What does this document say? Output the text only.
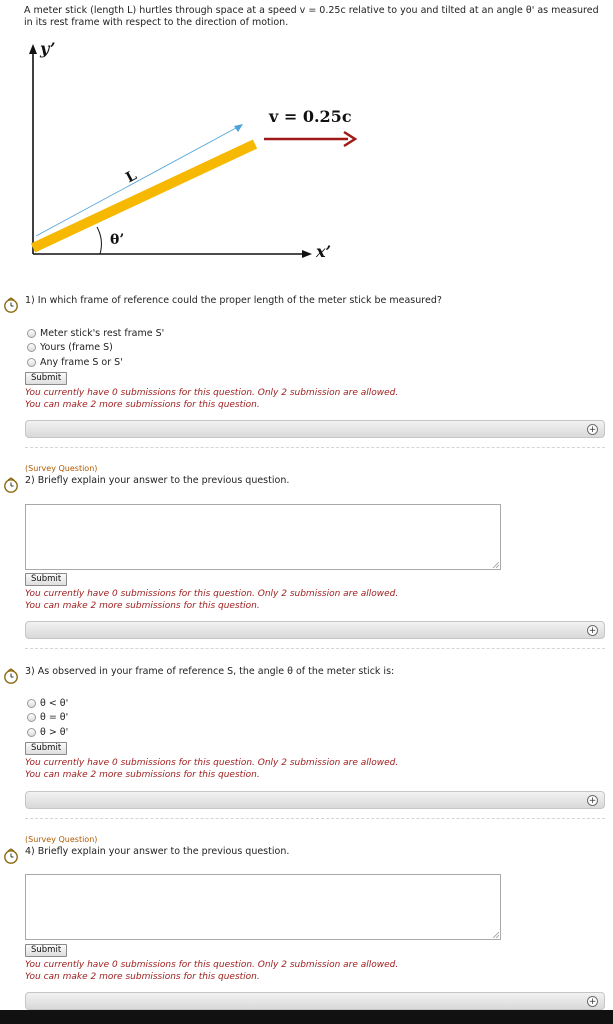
A meter stick (length L) hurtles through space at a speed v = 0.25c relative to you and tilted at an angle θ' as measured
in its rest frame with respect to the direction of motion.
y’
x’
L
θ’
v = 0.25c
1) In which frame of reference could the proper length of the meter stick be measured?
Meter stick's rest frame S'
Yours (frame S)
Any frame S or S'
Submit
You currently have 0 submissions for this question. Only 2 submission are allowed.
You can make 2 more submissions for this question.
+
(Survey Question)
2) Briefly explain your answer to the previous question.
Submit
You currently have 0 submissions for this question. Only 2 submission are allowed.
You can make 2 more submissions for this question.
+
3) As observed in your frame of reference S, the angle θ of the meter stick is:
θ < θ'
θ = θ'
θ > θ'
Submit
You currently have 0 submissions for this question. Only 2 submission are allowed.
You can make 2 more submissions for this question.
+
(Survey Question)
4) Briefly explain your answer to the previous question.
Submit
You currently have 0 submissions for this question. Only 2 submission are allowed.
You can make 2 more submissions for this question.
+
